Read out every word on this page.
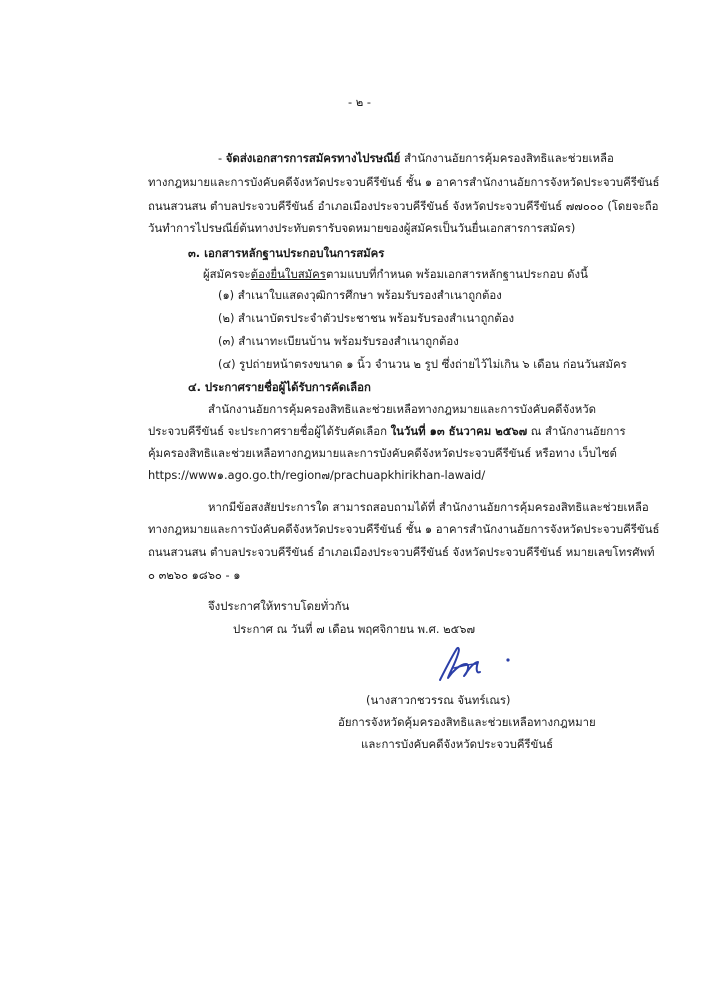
- ๒ -
- จัดส่งเอกสารการสมัครทางไปรษณีย์ สำนักงานอัยการคุ้มครองสิทธิและช่วยเหลือ
ทางกฎหมายและการบังคับคดีจังหวัดประจวบคีรีขันธ์ ชั้น ๑ อาคารสำนักงานอัยการจังหวัดประจวบคีรีขันธ์
ถนนสวนสน ตำบลประจวบคีรีขันธ์ อำเภอเมืองประจวบคีรีขันธ์ จังหวัดประจวบคีรีขันธ์ ๗๗๐๐๐ (โดยจะถือ
วันทำการไปรษณีย์ต้นทางประทับตรารับจดหมายของผู้สมัครเป็นวันยื่นเอกสารการสมัคร)
๓. เอกสารหลักฐานประกอบในการสมัคร
ผู้สมัครจะต้องยื่นใบสมัครตามแบบที่กำหนด พร้อมเอกสารหลักฐานประกอบ ดังนี้
(๑) สำเนาใบแสดงวุฒิการศึกษา พร้อมรับรองสำเนาถูกต้อง
(๒) สำเนาบัตรประจำตัวประชาชน พร้อมรับรองสำเนาถูกต้อง
(๓) สำเนาทะเบียนบ้าน พร้อมรับรองสำเนาถูกต้อง
(๔) รูปถ่ายหน้าตรงขนาด ๑ นิ้ว จำนวน ๒ รูป ซึ่งถ่ายไว้ไม่เกิน ๖ เดือน ก่อนวันสมัคร
๔. ประกาศรายชื่อผู้ได้รับการคัดเลือก
สำนักงานอัยการคุ้มครองสิทธิและช่วยเหลือทางกฎหมายและการบังคับคดีจังหวัด
ประจวบคีรีขันธ์ จะประกาศรายชื่อผู้ได้รับคัดเลือก ในวันที่ ๑๓ ธันวาคม ๒๕๖๗ ณ สำนักงานอัยการ
คุ้มครองสิทธิและช่วยเหลือทางกฎหมายและการบังคับคดีจังหวัดประจวบคีรีขันธ์ หรือทาง เว็บไซต์
https://www๑.ago.go.th/region๗/prachuapkhirikhan-lawaid/
หากมีข้อสงสัยประการใด สามารถสอบถามได้ที่ สำนักงานอัยการคุ้มครองสิทธิและช่วยเหลือ
ทางกฎหมายและการบังคับคดีจังหวัดประจวบคีรีขันธ์ ชั้น ๑ อาคารสำนักงานอัยการจังหวัดประจวบคีรีขันธ์
ถนนสวนสน ตำบลประจวบคีรีขันธ์ อำเภอเมืองประจวบคีรีขันธ์ จังหวัดประจวบคีรีขันธ์ หมายเลขโทรศัพท์
๐ ๓๒๖๐ ๑๘๖๐ - ๑
จึงประกาศให้ทราบโดยทั่วกัน
ประกาศ ณ วันที่ ๗ เดือน พฤศจิกายน พ.ศ. ๒๕๖๗
(นางสาวกชวรรณ จันทร์เณร)
อัยการจังหวัดคุ้มครองสิทธิและช่วยเหลือทางกฎหมาย
และการบังคับคดีจังหวัดประจวบคีรีขันธ์
